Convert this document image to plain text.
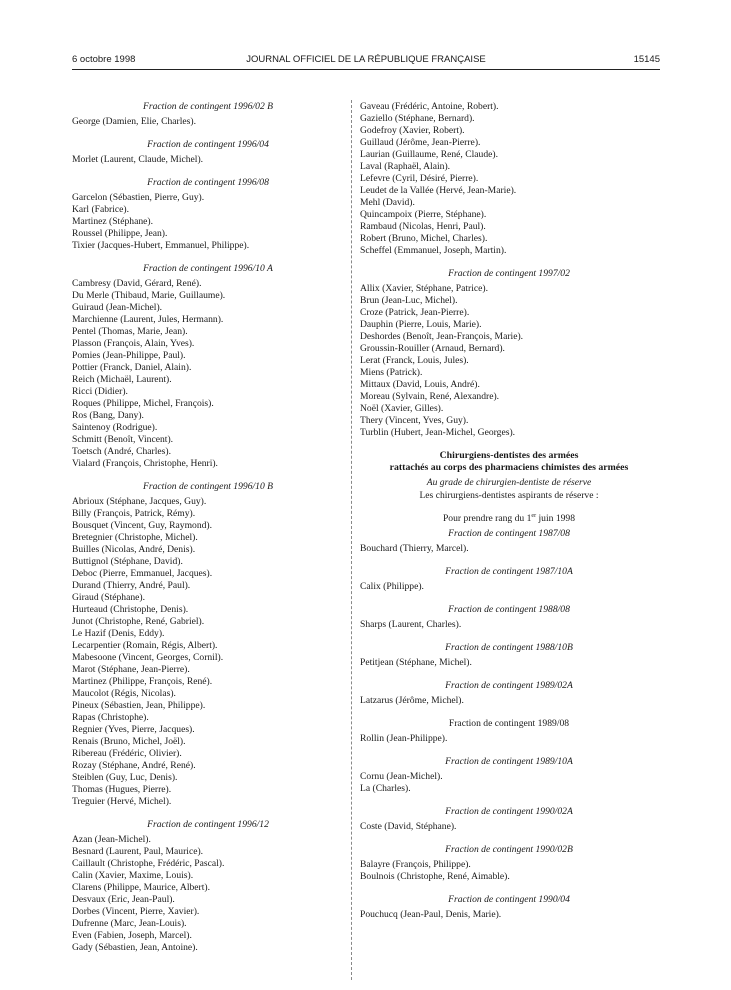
6 octobre 1998	JOURNAL OFFICIEL DE LA RÉPUBLIQUE FRANÇAISE	15145
Fraction de contingent 1996/02 B
George (Damien, Elie, Charles).
Fraction de contingent 1996/04
Morlet (Laurent, Claude, Michel).
Fraction de contingent 1996/08
Garcelon (Sébastien, Pierre, Guy).
Karl (Fabrice).
Martinez (Stéphane).
Roussel (Philippe, Jean).
Tixier (Jacques-Hubert, Emmanuel, Philippe).
Fraction de contingent 1996/10 A
Cambresy (David, Gérard, René).
Du Merle (Thibaud, Marie, Guillaume).
Guiraud (Jean-Michel).
Marchienne (Laurent, Jules, Hermann).
Pentel (Thomas, Marie, Jean).
Plasson (François, Alain, Yves).
Pomies (Jean-Philippe, Paul).
Pottier (Franck, Daniel, Alain).
Reich (Michaël, Laurent).
Ricci (Didier).
Roques (Philippe, Michel, François).
Ros (Bang, Dany).
Saintenoy (Rodrigue).
Schmitt (Benoît, Vincent).
Toetsch (André, Charles).
Vialard (François, Christophe, Henri).
Fraction de contingent 1996/10 B
Abrioux (Stéphane, Jacques, Guy).
Billy (François, Patrick, Rémy).
Bousquet (Vincent, Guy, Raymond).
Bretegnier (Christophe, Michel).
Builles (Nicolas, André, Denis).
Buttignol (Stéphane, David).
Deboc (Pierre, Emmanuel, Jacques).
Durand (Thierry, André, Paul).
Giraud (Stéphane).
Hurteaud (Christophe, Denis).
Junot (Christophe, René, Gabriel).
Le Hazif (Denis, Eddy).
Lecarpentier (Romain, Régis, Albert).
Mabesoone (Vincent, Georges, Cornil).
Marot (Stéphane, Jean-Pierre).
Martinez (Philippe, François, René).
Maucolot (Régis, Nicolas).
Pineux (Sébastien, Jean, Philippe).
Rapas (Christophe).
Regnier (Yves, Pierre, Jacques).
Renais (Bruno, Michel, Joël).
Ribereau (Frédéric, Olivier).
Rozay (Stéphane, André, René).
Steiblen (Guy, Luc, Denis).
Thomas (Hugues, Pierre).
Treguier (Hervé, Michel).
Fraction de contingent 1996/12
Azan (Jean-Michel).
Besnard (Laurent, Paul, Maurice).
Caillault (Christophe, Frédéric, Pascal).
Calin (Xavier, Maxime, Louis).
Clarens (Philippe, Maurice, Albert).
Desvaux (Eric, Jean-Paul).
Dorbes (Vincent, Pierre, Xavier).
Dufrenne (Marc, Jean-Louis).
Even (Fabien, Joseph, Marcel).
Gady (Sébastien, Jean, Antoine).
Gaveau (Frédéric, Antoine, Robert).
Gaziello (Stéphane, Bernard).
Godefroy (Xavier, Robert).
Guillaud (Jérôme, Jean-Pierre).
Laurian (Guillaume, René, Claude).
Laval (Raphaël, Alain).
Lefevre (Cyril, Désiré, Pierre).
Leudet de la Vallée (Hervé, Jean-Marie).
Mehl (David).
Quincampoix (Pierre, Stéphane).
Rambaud (Nicolas, Henri, Paul).
Robert (Bruno, Michel, Charles).
Scheffel (Emmanuel, Joseph, Martin).
Fraction de contingent 1997/02
Allix (Xavier, Stéphane, Patrice).
Brun (Jean-Luc, Michel).
Croze (Patrick, Jean-Pierre).
Dauphin (Pierre, Louis, Marie).
Deshordes (Benoît, Jean-François, Marie).
Groussin-Rouiller (Arnaud, Bernard).
Lerat (Franck, Louis, Jules).
Miens (Patrick).
Mittaux (David, Louis, André).
Moreau (Sylvain, René, Alexandre).
Noël (Xavier, Gilles).
Thery (Vincent, Yves, Guy).
Turblin (Hubert, Jean-Michel, Georges).
Chirurgiens-dentistes des armées
rattachés au corps des pharmaciens chimistes des armées
Au grade de chirurgien-dentiste de réserve
Les chirurgiens-dentistes aspirants de réserve :
Pour prendre rang du 1er juin 1998
Fraction de contingent 1987/08
Bouchard (Thierry, Marcel).
Fraction de contingent 1987/10A
Calix (Philippe).
Fraction de contingent 1988/08
Sharps (Laurent, Charles).
Fraction de contingent 1988/10B
Petitjean (Stéphane, Michel).
Fraction de contingent 1989/02A
Latzarus (Jérôme, Michel).
Fraction de contingent 1989/08
Rollin (Jean-Philippe).
Fraction de contingent 1989/10A
Cornu (Jean-Michel).
La (Charles).
Fraction de contingent 1990/02A
Coste (David, Stéphane).
Fraction de contingent 1990/02B
Balayre (François, Philippe).
Boulnois (Christophe, René, Aimable).
Fraction de contingent 1990/04
Pouchucq (Jean-Paul, Denis, Marie).
